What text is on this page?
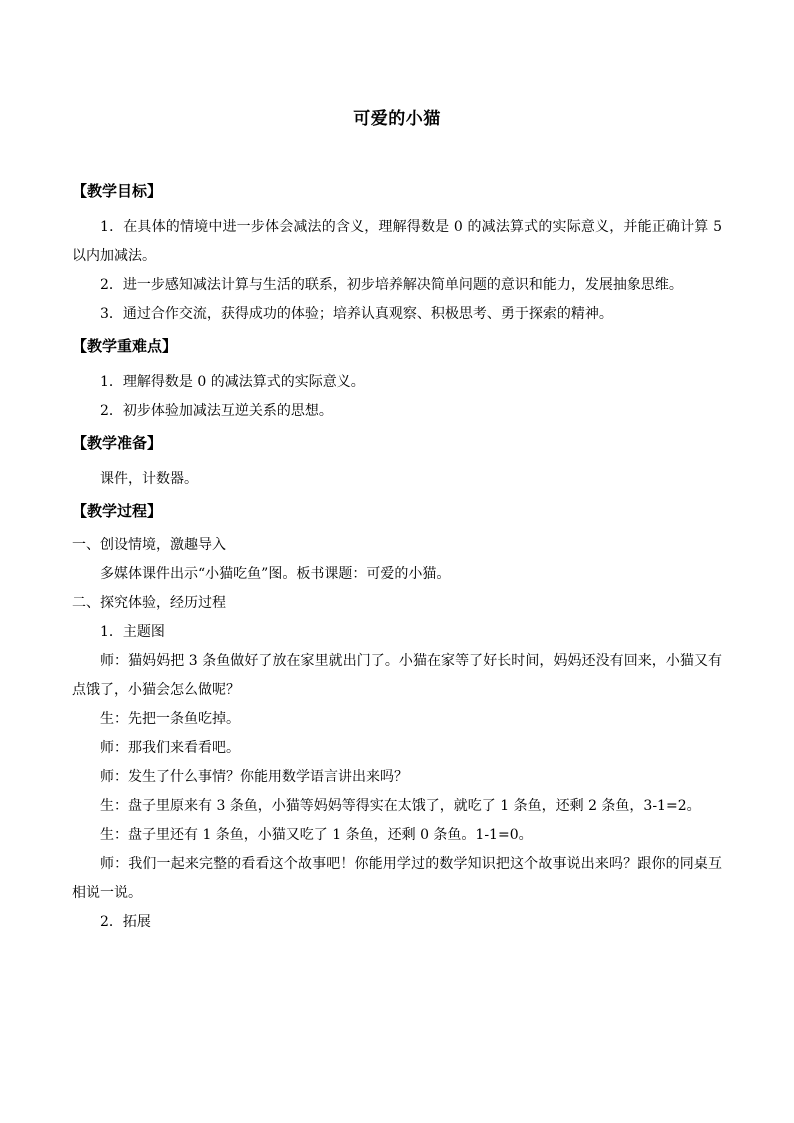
可爱的小猫
【教学目标】

1．在具体的情境中进一步体会减法的含义，理解得数是 0 的减法算式的实际意义，并能正确计算 5 以内加减法。

2．进一步感知减法计算与生活的联系，初步培养解决简单问题的意识和能力，发展抽象思维。

3．通过合作交流，获得成功的体验；培养认真观察、积极思考、勇于探索的精神。

【教学重难点】

1．理解得数是 0 的减法算式的实际意义。

2．初步体验加减法互逆关系的思想。

【教学准备】

课件，计数器。

【教学过程】

一、创设情境，激趣导入

多媒体课件出示“小猫吃鱼”图。板书课题：可爱的小猫。

二、探究体验，经历过程

1．主题图

师：猫妈妈把 3 条鱼做好了放在家里就出门了。小猫在家等了好长时间，妈妈还没有回来，小猫又有点饿了，小猫会怎么做呢？

生：先把一条鱼吃掉。

师：那我们来看看吧。

师：发生了什么事情？你能用数学语言讲出来吗？

生：盘子里原来有 3 条鱼，小猫等妈妈等得实在太饿了，就吃了 1 条鱼，还剩 2 条鱼，3-1=2。

生：盘子里还有 1 条鱼，小猫又吃了 1 条鱼，还剩 0 条鱼。1-1=0。

师：我们一起来完整的看看这个故事吧！你能用学过的数学知识把这个故事说出来吗？跟你的同桌互相说一说。

2．拓展
